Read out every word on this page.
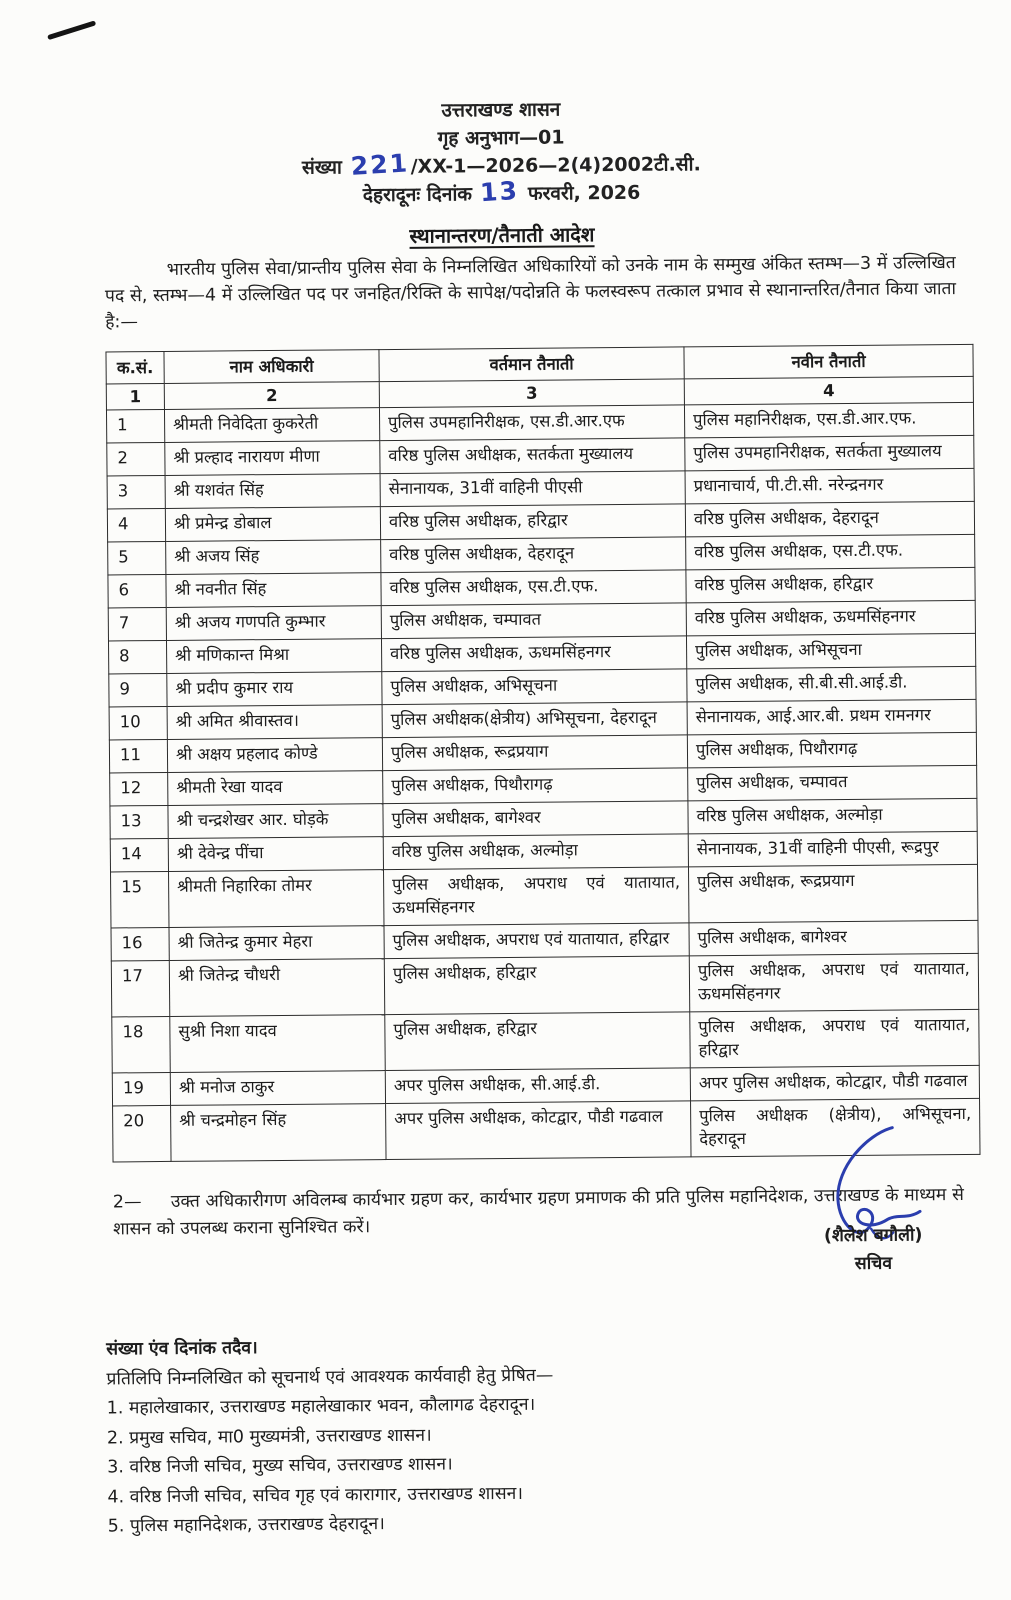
उत्तराखण्ड शासन
गृह अनुभाग—01
संख्या 221/XX-1—2026—2(4)2002टी.सी.
देहरादूनः दिनांक 13 फरवरी, 2026
स्थानान्तरण/तैनाती आदेश
भारतीय पुलिस सेवा/प्रान्तीय पुलिस सेवा के निम्नलिखित अधिकारियों को उनके नाम के सम्मुख अंकित स्तम्भ—3 में उल्लिखित पद से, स्तम्भ—4 में उल्लिखित पद पर जनहित/रिक्ति के सापेक्ष/पदोन्नति के फलस्वरूप तत्काल प्रभाव से स्थानान्तरित/तैनात किया जाता है:—
क.सं.	नाम अधिकारी	वर्तमान तैनाती	नवीन तैनाती
1	2	3	4
1	श्रीमती निवेदिता कुकरेती	पुलिस उपमहानिरीक्षक, एस.डी.आर.एफ	पुलिस महानिरीक्षक, एस.डी.आर.एफ.
2	श्री प्रल्हाद नारायण मीणा	वरिष्ठ पुलिस अधीक्षक, सतर्कता मुख्यालय	पुलिस उपमहानिरीक्षक, सतर्कता मुख्यालय
3	श्री यशवंत सिंह	सेनानायक, 31वीं वाहिनी पीएसी	प्रधानाचार्य, पी.टी.सी. नरेन्द्रनगर
4	श्री प्रमेन्द्र डोबाल	वरिष्ठ पुलिस अधीक्षक, हरिद्वार	वरिष्ठ पुलिस अधीक्षक, देहरादून
5	श्री अजय सिंह	वरिष्ठ पुलिस अधीक्षक, देहरादून	वरिष्ठ पुलिस अधीक्षक, एस.टी.एफ.
6	श्री नवनीत सिंह	वरिष्ठ पुलिस अधीक्षक, एस.टी.एफ.	वरिष्ठ पुलिस अधीक्षक, हरिद्वार
7	श्री अजय गणपति कुम्भार	पुलिस अधीक्षक, चम्पावत	वरिष्ठ पुलिस अधीक्षक, ऊधमसिंहनगर
8	श्री मणिकान्त मिश्रा	वरिष्ठ पुलिस अधीक्षक, ऊधमसिंहनगर	पुलिस अधीक्षक, अभिसूचना
9	श्री प्रदीप कुमार राय	पुलिस अधीक्षक, अभिसूचना	पुलिस अधीक्षक, सी.बी.सी.आई.डी.
10	श्री अमित श्रीवास्तव।	पुलिस अधीक्षक(क्षेत्रीय) अभिसूचना, देहरादून	सेनानायक, आई.आर.बी. प्रथम रामनगर
11	श्री अक्षय प्रहलाद कोण्डे	पुलिस अधीक्षक, रूद्रप्रयाग	पुलिस अधीक्षक, पिथौरागढ़
12	श्रीमती रेखा यादव	पुलिस अधीक्षक, पिथौरागढ़	पुलिस अधीक्षक, चम्पावत
13	श्री चन्द्रशेखर आर. घोड़के	पुलिस अधीक्षक, बागेश्वर	वरिष्ठ पुलिस अधीक्षक, अल्मोड़ा
14	श्री देवेन्द्र पींचा	वरिष्ठ पुलिस अधीक्षक, अल्मोड़ा	सेनानायक, 31वीं वाहिनी पीएसी, रूद्रपुर
15	श्रीमती निहारिका तोमर	पुलिस अधीक्षक, अपराध एवं यातायात, ऊधमसिंहनगर	पुलिस अधीक्षक, रूद्रप्रयाग
16	श्री जितेन्द्र कुमार मेहरा	पुलिस अधीक्षक, अपराध एवं यातायात, हरिद्वार	पुलिस अधीक्षक, बागेश्वर
17	श्री जितेन्द्र चौधरी	पुलिस अधीक्षक, हरिद्वार	पुलिस अधीक्षक, अपराध एवं यातायात, ऊधमसिंहनगर
18	सुश्री निशा यादव	पुलिस अधीक्षक, हरिद्वार	पुलिस अधीक्षक, अपराध एवं यातायात, हरिद्वार
19	श्री मनोज ठाकुर	अपर पुलिस अधीक्षक, सी.आई.डी.	अपर पुलिस अधीक्षक, कोटद्वार, पौडी गढवाल
20	श्री चन्द्रमोहन सिंह	अपर पुलिस अधीक्षक, कोटद्वार, पौडी गढवाल	पुलिस अधीक्षक (क्षेत्रीय), अभिसूचना, देहरादून
2— उक्त अधिकारीगण अविलम्ब कार्यभार ग्रहण कर, कार्यभार ग्रहण प्रमाणक की प्रति पुलिस महानिदेशक, उत्तराखण्ड के माध्यम से शासन को उपलब्ध कराना सुनिश्चित करें।	(शैलेश बगौली)
सचिव
संख्या एंव दिनांक तदैव।
प्रतिलिपि निम्नलिखित को सूचनार्थ एवं आवश्यक कार्यवाही हेतु प्रेषित—
1. महालेखाकार, उत्तराखण्ड महालेखाकार भवन, कौलागढ देहरादून।
2. प्रमुख सचिव, मा0 मुख्यमंत्री, उत्तराखण्ड शासन।
3. वरिष्ठ निजी सचिव, मुख्य सचिव, उत्तराखण्ड शासन।
4. वरिष्ठ निजी सचिव, सचिव गृह एवं कारागार, उत्तराखण्ड शासन।
5. पुलिस महानिदेशक, उत्तराखण्ड देहरादून।
